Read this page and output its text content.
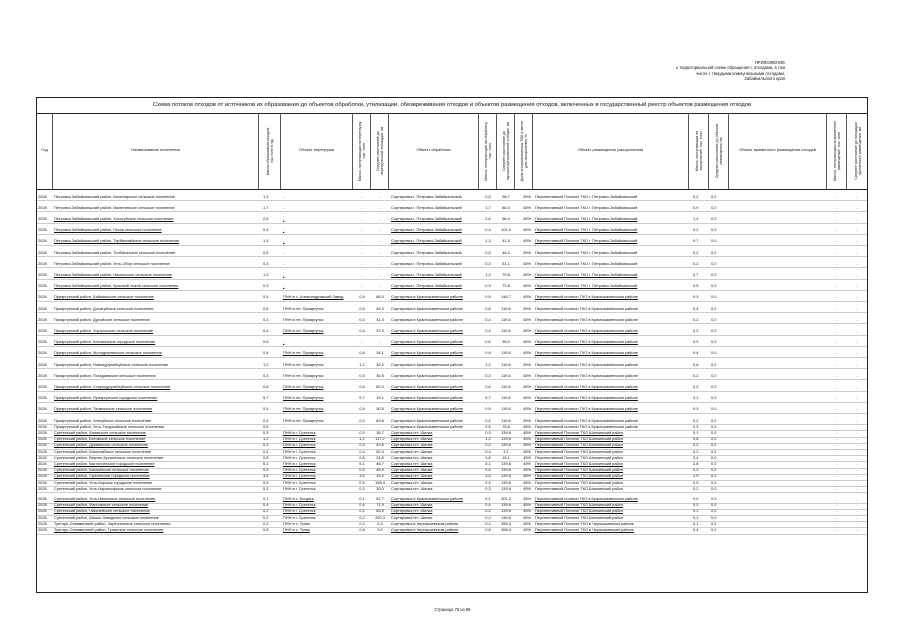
ПРИЛОЖЕНИЕ
к территориальной схеме обращения с отходами, в том
числе с твердыми коммунальными отходами,
Забайкальского края
Схема потоков отходов от источников их образования до объектов обработки, утилизации, обезвреживания отходов и объектов размещения отходов, включенных в государственный реестр объектов размещения отходов
Год	Наименование поселения	Масса образования отходов, тыс.тонн в год	Объект перегрузки	Масса, поступающая на перегрузку, тыс. тонн	Среднее расстояние до перегрузочной площадки, км	Объект обработки	Масса, поступающая на обработку, тыс. тонн	Среднее расстояние до мусоросортировочной станции, км	Доля отсортированных ТКО в месте для захоронения, %	Объект размещения (захоронения)	Масса, поступающая на захоронение, тыс. тонн	Среднее расстояние до объекта размещения, км	Объект временного размещения отходов	Масса, поступающая на временное размещение, тыс. тонн	Среднее расстояние до площадки временного размещения, км
2028	Петровск-Забайкальский район, Катангарское сельское поселение	1,3	-	-	-	Сортировка г. Петровск-Забайкальский	0,5	98,7	45% Перспективный Полигон ТКО г. Петровск-Забайкальский	0,2	0,0	-	-
2028	Петровск-Забайкальский район, Малетинское сельское поселение	1,7	-	-	-	Сортировка г. Петровск-Забайкальский	1,7	86,0	45% Перспективный Полигон ТКО г. Петровск-Забайкальский	0,9	0,0	-	-
2028	Петровск-Забайкальский район, Хохотуйское сельское поселение	2,6	-	-	-	Сортировка г. Петровск-Забайкальский	2,6	56,4	45% Перспективный Полигон ТКО г. Петровск-Забайкальский	1,4	0,0	-	-
2028	Петровск-Забайкальский район, Пески сельское поселение	0,4	-	-	-	Сортировка г. Петровск-Забайкальский	0,4	101,0	45% Перспективный Полигон ТКО г. Петровск-Забайкальский	0,2	0,0	-	-
2028	Петровск-Забайкальский район, Тарбагатайское сельское поселение	1,3	-	-	-	Сортировка г. Петровск-Забайкальский	1,3	41,5	45% Перспективный Полигон ТКО г. Петровск-Забайкальский	0,7	0,0	-	-
2028	Петровск-Забайкальский район, Толбагинское сельское поселение	0,5	-	-	-	Сортировка г. Петровск-Забайкальский	0,5	46,3	45% Перспективный Полигон ТКО г. Петровск-Забайкальский	0,2	0,0	-	-
2028	Петровск-Забайкальский район, Усть-Обор сельское поселение	0,3	-	-	-	Сортировка г. Петровск-Забайкальский	0,3	51,1	45% Перспективный Полигон ТКО г. Петровск-Забайкальский	0,2	0,0	-	-
2028	Петровск-Забайкальский район, Никольское сельское поселение	1,3	-	-	-	Сортировка г. Петровск-Забайкальский	1,3	79,8	45% Перспективный Полигон ТКО г. Петровск-Забайкальский	0,7	0,0	-	-
2028	Петровск-Забайкальский район, Красный Чикой сельское поселение	0,9	-	-	-	Сортировка г. Петровск-Забайкальский	0,9	72,8	45% Перспективный Полигон ТКО г. Петровск-Забайкальский	0,5	0,0	-	-
2028	Приаргунский район, Байкальское сельское поселение	0,5	ПНН в с. Александровский Завод	0,5	85,0	Сортировка в Краснокаменском районе	0,5	146,7	45% Перспективный полигон ТКО в Краснокаменском районе	0,3	0,0	-	-
2028	Приаргунский район, Досатуйское сельское поселение	0,6	ПНН в пгт. Приаргунск	0,6	49,3	Сортировка в Краснокаменском районе	0,6	119,6	45% Перспективный полигон ТКО в Краснокаменском районе	0,4	0,0	-	-
2028	Приаргунский район, Дуройское сельское поселение	0,4	ПНН в пгт. Приаргунск	0,4	41,3	Сортировка в Краснокаменском районе	0,4	119,6	45% Перспективный полигон ТКО в Краснокаменском районе	0,2	0,0	-	-
2028	Приаргунский район, Зоргольское сельское поселение	0,4	ПНН в пгт. Приаргунск	0,4	37,9	Сортировка в Краснокаменском районе	0,4	119,6	45% Перспективный полигон ТКО в Краснокаменском районе	0,2	0,0	-	-
2028	Приаргунский район, Кличкинское городское поселение	0,6	-	-	-	Сортировка в Краснокаменском районе	0,6	35,0	45% Перспективный полигон ТКО в Краснокаменском районе	0,3	0,0	-	-
2028	Приаргунский район, Молодежнинское сельское поселение	0,8	ПНН в пгт. Приаргунск	0,8	34,1	Сортировка в Краснокаменском районе	0,8	119,6	45% Перспективный полигон ТКО в Краснокаменском районе	0,4	0,0	-	-
2028	Приаргунский район, Новоцурухайтуйское сельское поселение	1,2	ПНН в пгт. Приаргунск	1,2	30,2	Сортировка в Краснокаменском районе	1,2	119,6	45% Перспективный полигон ТКО в Краснокаменском районе	0,6	0,0	-	-
2028	Приаргунский район, Погадаевское сельское поселение	0,3	ПНН в пгт. Приаргунск	0,3	45,5	Сортировка в Краснокаменском районе	0,3	119,6	45% Перспективный полигон ТКО в Краснокаменском районе	0,2	0,0	-	-
2028	Приаргунский район, Староцурухайтуйское сельское поселение	0,6	ПНН в пгт. Приаргунск	0,6	60,0	Сортировка в Краснокаменском районе	0,6	119,6	45% Перспективный полигон ТКО в Краснокаменском районе	0,3	0,0	-	-
2028	Приаргунский район, Приаргунское городское поселение	5,7	ПНН в пгт. Приаргунск	5,7	19,1	Сортировка в Краснокаменском районе	5,7	119,6	45% Перспективный полигон ТКО в Краснокаменском районе	3,1	0,0	-	-
2028	Приаргунский район, Талманское сельское поселение	0,5	ПНН в пгт. Приаргунск	0,5	30,5	Сортировка в Краснокаменском районе	0,5	119,6	45% Перспективный полигон ТКО в Краснокаменском районе	0,3	0,0	-	-
2028	Приаргунский район, Улятуйское сельское поселение	0,4	ПНН в пгт. Приаргунск	0,4	69,6	Сортировка в Краснокаменском районе	0,4	119,6	45% Перспективный полигон ТКО в Краснокаменском районе	0,2	0,0	-	-
2028	Приаргунский район, Усть-Тасуркайское сельское поселение	0,5	-	-	-	Сортировка в Краснокаменском районе	0,5	75,6	45% Перспективный полигон ТКО в Краснокаменском районе	0,3	0,0	-	-
2028	Сретенский район, Аннинское сельское поселение	0,3	ПНН в г. Сретенск	0,3	16,7	Сортировка пгт. Шилка	0,3	139,6	45% Перспективный Полигон ТКО Шилкинский район	0,1	0,0	-	-
2028	Сретенский район, Ботовское сельское поселение	1,2	ПНН в г. Сретенск	1,2	117,2	Сортировка пгт. Шилка	1,2	139,6	45% Перспективный Полигон ТКО Шилкинский район	0,6	0,0	-	-
2028	Сретенский район, Дунаевское сельское поселение	0,3	ПНН в г. Сретенск	0,3	42,6	Сортировка пгт. Шилка	0,3	139,6	45% Перспективный Полигон ТКО Шилкинский район	0,2	0,0	-	-
2028	Сретенский район, Кокертайское сельское поселение	0,4	ПНН в г. Сретенск	0,4	52,4	Сортировка пгт. Шилка	0,4	3,1	45% Перспективный Полигон ТКО Шилкинский район	0,2	0,0	-	-
2028	Сретенский район, Верхне-Куэнгинское сельское поселение	0,8	ПНН в г. Сретенск	0,8	31,6	Сортировка пгт. Шилка	0,8	18,1	45% Перспективный Полигон ТКО Шилкинский район	0,4	0,0	-	-
2028	Сретенский район, Кактолгинское городское поселение	5,1	ПНН в г. Сретенск	5,1	46,7	Сортировка пгт. Шилка	5,1	139,6	45% Перспективный Полигон ТКО Шилкинский район	2,8	0,0	-	-
2028	Сретенский район, Шилкинское сельское поселение	0,5	ПНН в г. Сретенск	0,5	45,9	Сортировка пгт. Шилка	0,5	139,6	45% Перспективный Полигон ТКО Шилкинский район	0,3	0,0	-	-
2028	Сретенский район, Сретенское городское поселение	3,5	ПНН в г. Сретенск	3,5	19,2	Сортировка пгт. Шилка	3,5	139,6	45% Перспективный Полигон ТКО Шилкинский район	1,9	0,0	-	-
2028	Сретенский район, Усть-Карское городское поселение	0,9	ПНН в г. Сретенск	0,9	198,4	Сортировка пгт. Шилка	0,9	139,6	45% Перспективный Полигон ТКО Шилкинский район	0,5	0,0	-	-
2028	Сретенский район, Усть-Наринзорское сельское поселение	0,3	ПНН в г. Сретенск	0,3	30,0	Сортировка пгт. Шилка	0,3	139,6	45% Перспективный Полигон ТКО Шилкинский район	0,2	0,0	-	-
2028	Сретенский район, Усть-Начинское сельское поселение	0,1	ПНН в с. Богдать	0,1	51,7	Сортировка в Краснокаменском районе	0,1	301,2	45% Перспективный полигон ТКО в Краснокаменском районе	0,0	0,0	-	-
2028	Сретенский район, Фирсовское сельское поселение	0,4	ПНН в г. Сретенск	0,4	71,9	Сортировка пгт. Шилка	0,4	139,6	45% Перспективный Полигон ТКО Шилкинский район	0,2	0,0	-	-
2028	Сретенский район, Чикичейское сельское поселение	0,2	ПНН в г. Сретенск	0,2	63,5	Сортировка пгт. Шилка	0,2	139,6	45% Перспективный Полигон ТКО Шилкинский район	0,1	0,0	-	-
2028	Сретенский район, Шилко-Заводское сельское поселение	0,2	ПНН в г. Сретенск	0,2	290,3	Сортировка пгт. Шилка	0,2	139,6	45% Перспективный Полигон ТКО Шилкинский район	0,1	0,0	-	-
2028	Тунгиро-Олекминский район, Заречнинское сельское поселение	0,2	ПНН в с. Тупик	0,2	0,4	Сортировка в Чернышевском районе	0,2	398,4	45% Перспективный Полигон ТКО в Чернышевском районе	0,1	0,0	-	-
2028	Тунгиро-Олекминский район, Тупикское сельское поселение	0,8	ПНН в с. Тупик	0,8	9,0	Сортировка в Чернышевском районе	0,8	398,4	45% Перспективный Полигон ТКО в Чернышевском районе	0,4	0,0	-	-
Страница 75 из 98
